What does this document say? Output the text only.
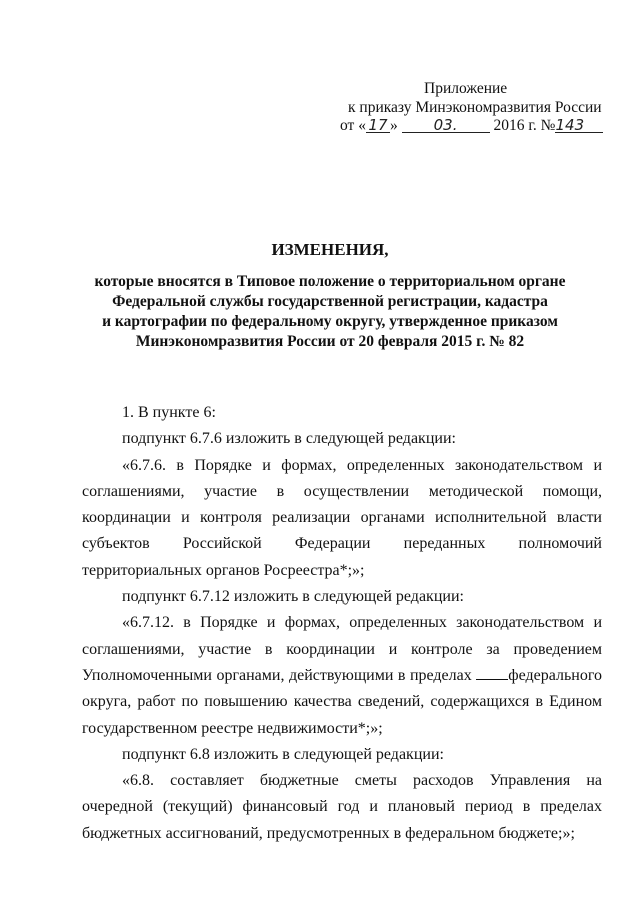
Приложение
к приказу Минэкономразвития России
от « 17 » 03. 2016 г. №143
ИЗМЕНЕНИЯ,
которые вносятся в Типовое положение о территориальном органе
Федеральной службы государственной регистрации, кадастра
и картографии по федеральному округу, утвержденное приказом
Минэкономразвития России от 20 февраля 2015 г. № 82

1. В пункте 6:

подпункт 6.7.6 изложить в следующей редакции:

«6.7.6. в Порядке и формах, определенных законодательством и соглашениями, участие в осуществлении методической помощи, координации и контроля реализации органами исполнительной власти субъектов Российской Федерации переданных полномочий территориальных органов Росреестра*;»;

подпункт 6.7.12 изложить в следующей редакции:

«6.7.12. в Порядке и формах, определенных законодательством и соглашениями, участие в координации и контроле за проведением Уполномоченными органами, действующими в пределах федерального округа, работ по повышению качества сведений, содержащихся в Едином государственном реестре недвижимости*;»;

подпункт 6.8 изложить в следующей редакции:

«6.8. составляет бюджетные сметы расходов Управления на очередной (текущий) финансовый год и плановый период в пределах бюджетных ассигнований, предусмотренных в федеральном бюджете;»;
